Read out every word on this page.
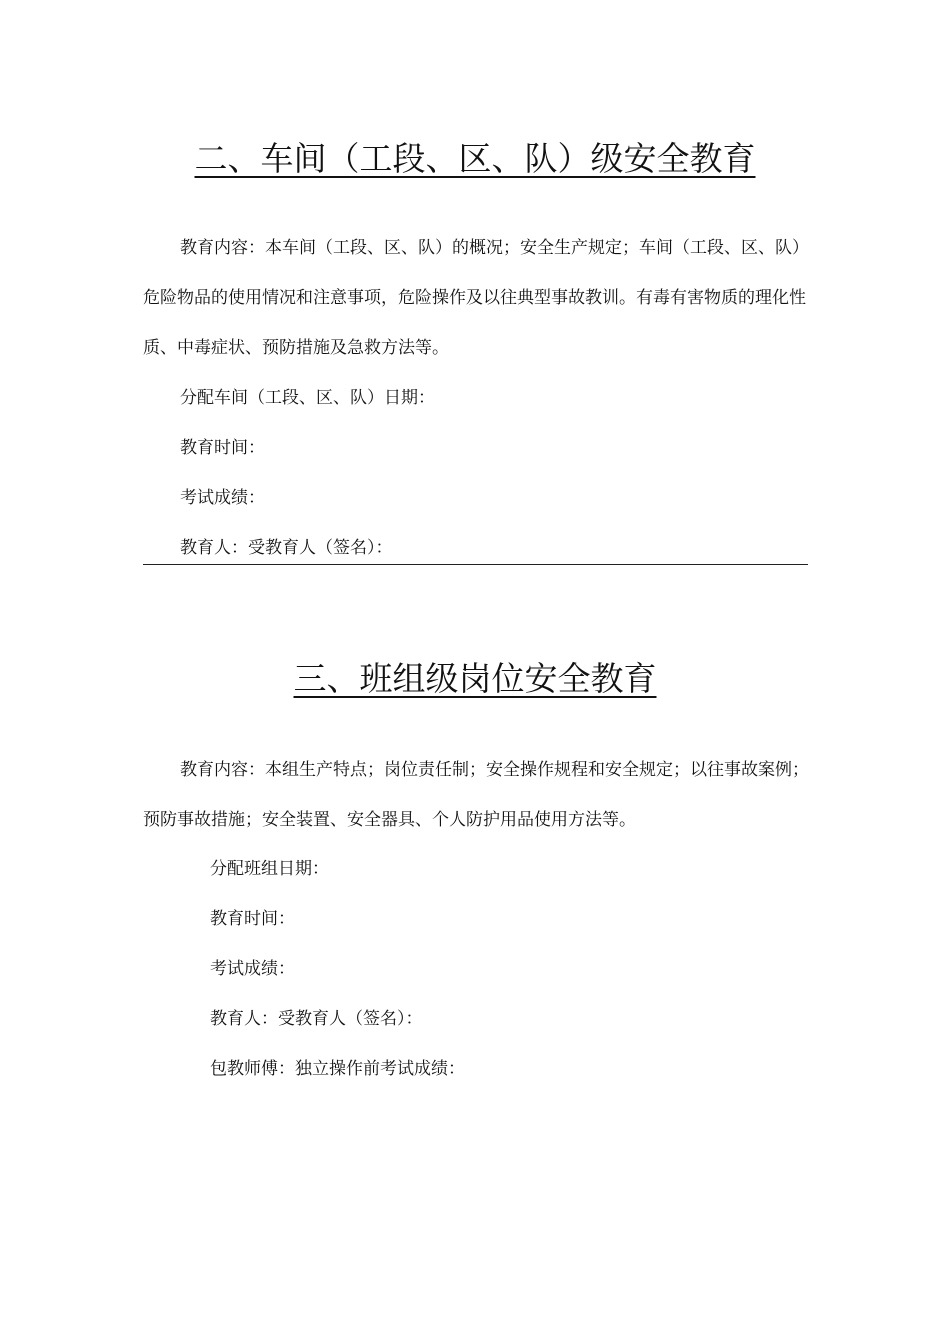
二、车间（工段、区、队）级安全教育

教育内容：本车间（工段、区、队）的概况；安全生产规定；车间（工段、区、队）危险物品的使用情况和注意事项，危险操作及以往典型事故教训。有毒有害物质的理化性质、中毒症状、预防措施及急救方法等。

分配车间（工段、区、队）日期：
教育时间：
考试成绩：
教育人：受教育人（签名）：
三、班组级岗位安全教育

教育内容：本组生产特点；岗位责任制；安全操作规程和安全规定；以往事故案例；预防事故措施；安全装置、安全器具、个人防护用品使用方法等。

分配班组日期：
教育时间：
考试成绩：
教育人：受教育人（签名）：
包教师傅：独立操作前考试成绩：
